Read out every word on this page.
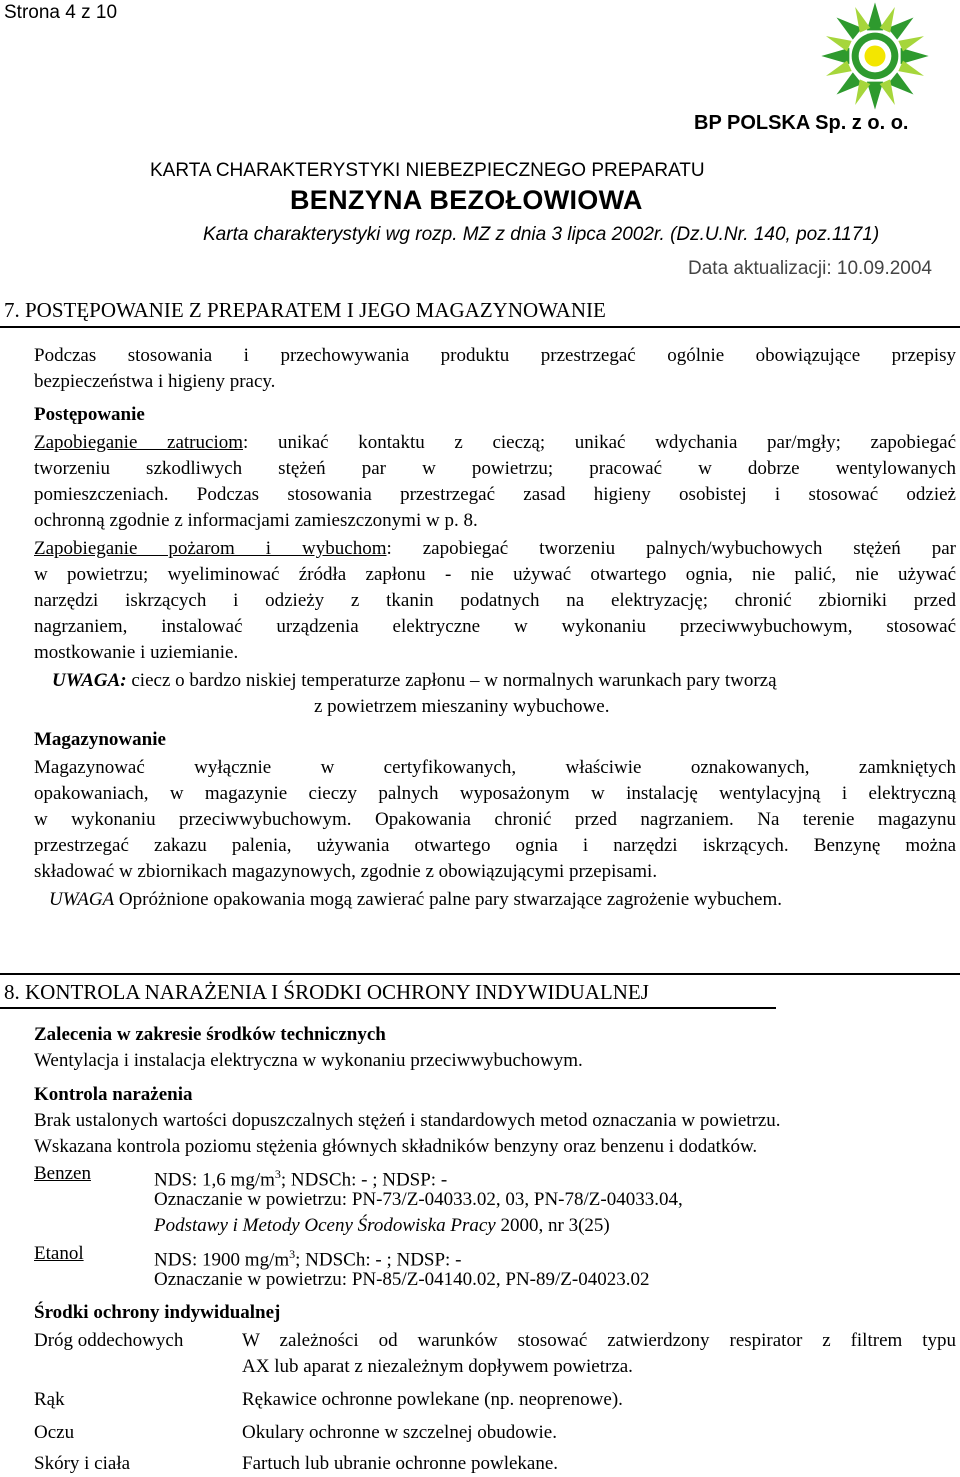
Strona 4 z 10
BP POLSKA Sp. z o. o.
KARTA CHARAKTERYSTYKI NIEBEZPIECZNEGO PREPARATU
BENZYNA BEZOŁOWIOWA
Karta charakterystyki wg rozp. MZ z dnia 3 lipca 2002r. (Dz.U.Nr. 140, poz.1171)
Data aktualizacji: 10.09.2004
7. POSTĘPOWANIE Z PREPARATEM I JEGO MAGAZYNOWANIE
Podczas stosowania i przechowywania produktu przestrzegać ogólnie obowiązujące przepisy
bezpieczeństwa i higieny pracy.
Postępowanie
Zapobieganie zatruciom: unikać kontaktu z cieczą; unikać wdychania par/mgły; zapobiegać
tworzeniu szkodliwych stężeń par w powietrzu; pracować w dobrze wentylowanych
pomieszczeniach. Podczas stosowania przestrzegać zasad higieny osobistej i stosować odzież
ochronną zgodnie z informacjami zamieszczonymi w p. 8.
Zapobieganie pożarom i wybuchom: zapobiegać tworzeniu palnych/wybuchowych stężeń par
w powietrzu; wyeliminować źródła zapłonu - nie używać otwartego ognia, nie palić, nie używać
narzędzi iskrzących i odzieży z tkanin podatnych na elektryzację; chronić zbiorniki przed
nagrzaniem, instalować urządzenia elektryczne w wykonaniu przeciwwybuchowym, stosować
mostkowanie i uziemianie.
UWAGA: ciecz o bardzo niskiej temperaturze zapłonu – w normalnych warunkach pary tworzą
z powietrzem mieszaniny wybuchowe.
Magazynowanie
Magazynować wyłącznie w certyfikowanych, właściwie oznakowanych, zamkniętych
opakowaniach, w magazynie cieczy palnych wyposażonym w instalację wentylacyjną i elektryczną
w wykonaniu przeciwwybuchowym. Opakowania chronić przed nagrzaniem. Na terenie magazynu
przestrzegać zakazu palenia, używania otwartego ognia i narzędzi iskrzących. Benzynę można
składować w zbiornikach magazynowych, zgodnie z obowiązującymi przepisami.
UWAGA Opróżnione opakowania mogą zawierać palne pary stwarzające zagrożenie wybuchem.
8. KONTROLA NARAŻENIA I ŚRODKI OCHRONY INDYWIDUALNEJ
Zalecenia w zakresie środków technicznych
Wentylacja i instalacja elektryczna w wykonaniu przeciwwybuchowym.
Kontrola narażenia
Brak ustalonych wartości dopuszczalnych stężeń i standardowych metod oznaczania w powietrzu.
Wskazana kontrola poziomu stężenia głównych składników benzyny oraz benzenu i dodatków.
Benzen	NDS: 1,6 $mg/m^3$; NDSCh: - ; NDSP: -
Oznaczanie w powietrzu: PN-73/Z-04033.02, 03, PN-78/Z-04033.04,
Podstawy i Metody Oceny Środowiska Pracy 2000, nr 3(25)
Etanol	NDS: 1900 $mg/m^3$; NDSCh: - ; NDSP: -
Oznaczanie w powietrzu: PN-85/Z-04140.02, PN-89/Z-04023.02
Środki ochrony indywidualnej
Dróg oddechowych	W zależności od warunków stosować zatwierdzony respirator z filtrem typu
AX lub aparat z niezależnym dopływem powietrza.
Rąk	Rękawice ochronne powlekane (np. neoprenowe).
Oczu	Okulary ochronne w szczelnej obudowie.
Skóry i ciała	Fartuch lub ubranie ochronne powlekane.
